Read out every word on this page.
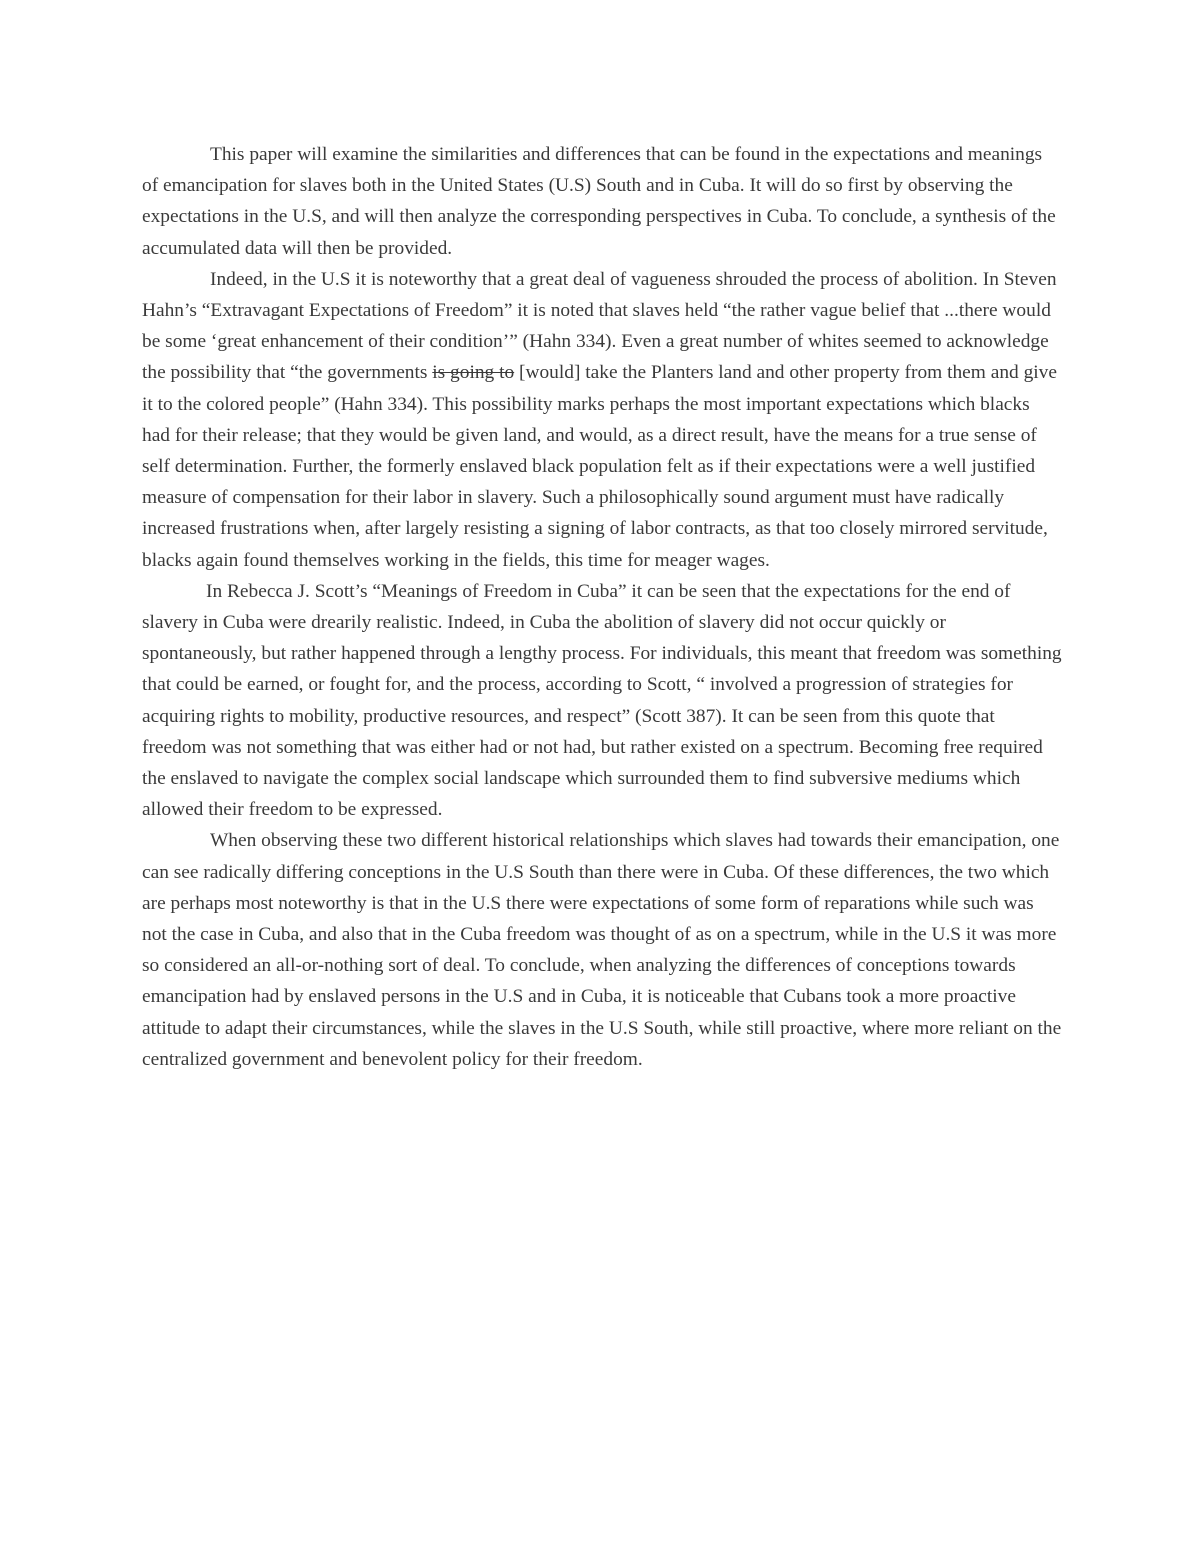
This paper will examine the similarities and differences that can be found in the expectations and meanings of emancipation for slaves both in the United States (U.S) South and in Cuba. It will do so first by observing the expectations in the U.S, and will then analyze the corresponding perspectives in Cuba. To conclude, a synthesis of the accumulated data will then be provided.

Indeed, in the U.S it is noteworthy that a great deal of vagueness shrouded the process of abolition. In Steven Hahn’s “Extravagant Expectations of Freedom” it is noted that slaves held “the rather vague belief that ...there would be some ‘great enhancement of their condition’” (Hahn 334). Even a great number of whites seemed to acknowledge the possibility that “the governments is going to [would] take the Planters land and other property from them and give it to the colored people” (Hahn 334). This possibility marks perhaps the most important expectations which blacks had for their release; that they would be given land, and would, as a direct result, have the means for a true sense of self determination. Further, the formerly enslaved black population felt as if their expectations were a well justified measure of compensation for their labor in slavery. Such a philosophically sound argument must have radically increased frustrations when, after largely resisting a signing of labor contracts, as that too closely mirrored servitude, blacks again found themselves working in the fields, this time for meager wages.

In Rebecca J. Scott’s “Meanings of Freedom in Cuba” it can be seen that the expectations for the end of slavery in Cuba were drearily realistic. Indeed, in Cuba the abolition of slavery did not occur quickly or spontaneously, but rather happened through a lengthy process. For individuals, this meant that freedom was something that could be earned, or fought for, and the process, according to Scott, “ involved a progression of strategies for acquiring rights to mobility, productive resources, and respect” (Scott 387). It can be seen from this quote that freedom was not something that was either had or not had, but rather existed on a spectrum. Becoming free required the enslaved to navigate the complex social landscape which surrounded them to find subversive mediums which allowed their freedom to be expressed.

When observing these two different historical relationships which slaves had towards their emancipation, one can see radically differing conceptions in the U.S South than there were in Cuba. Of these differences, the two which are perhaps most noteworthy is that in the U.S there were expectations of some form of reparations while such was not the case in Cuba, and also that in the Cuba freedom was thought of as on a spectrum, while in the U.S it was more so considered an all-or-nothing sort of deal. To conclude, when analyzing the differences of conceptions towards emancipation had by enslaved persons in the U.S and in Cuba, it is noticeable that Cubans took a more proactive attitude to adapt their circumstances, while the slaves in the U.S South, while still proactive, where more reliant on the centralized government and benevolent policy for their freedom.
